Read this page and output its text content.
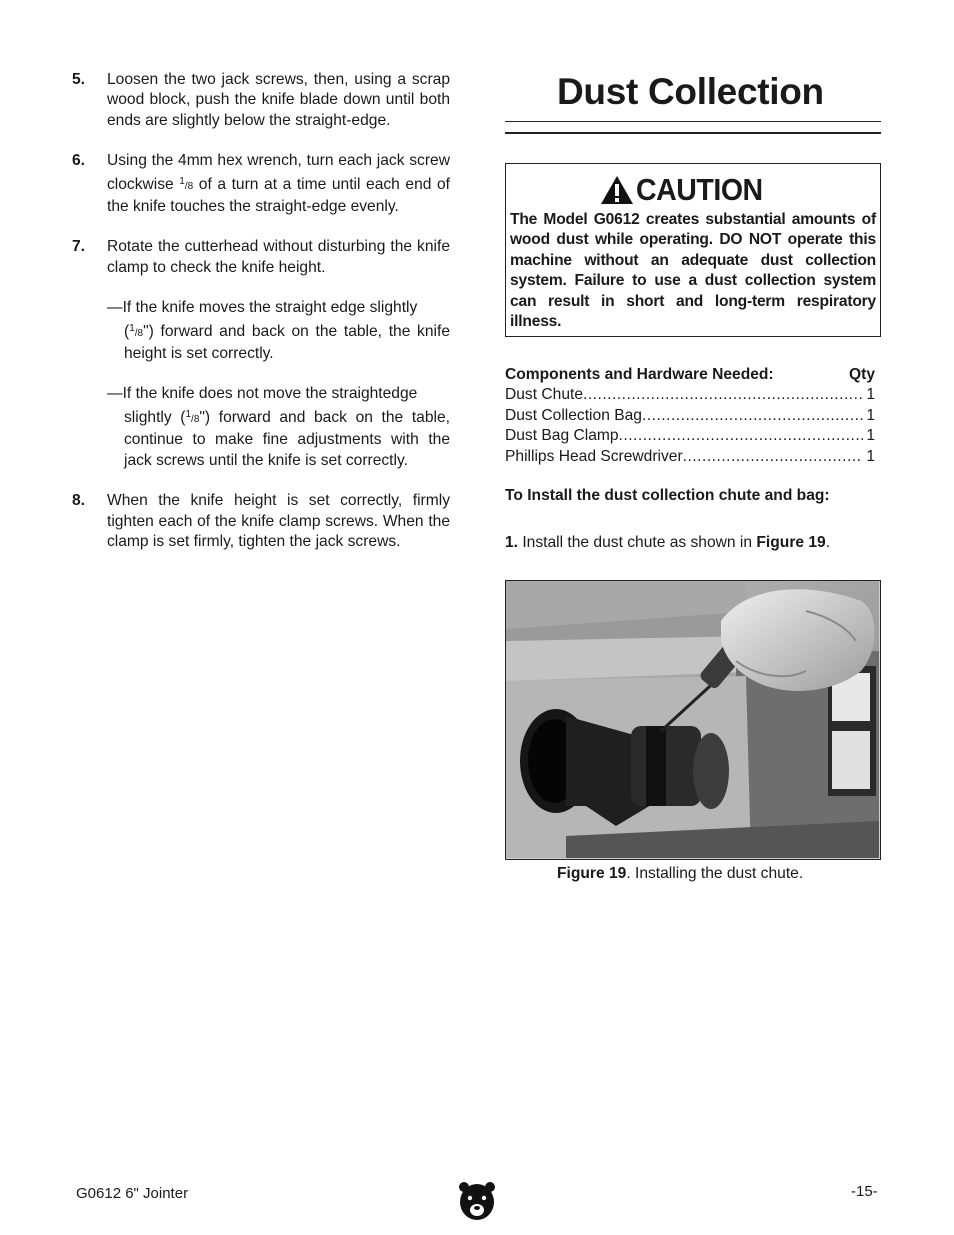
5.	Loosen the two jack screws, then, using a scrap wood block, push the knife blade down until both ends are slightly below the straight-edge.
6.	Using the 4mm hex wrench, turn each jack screw clockwise 1/8 of a turn at a time until each end of the knife touches the straight-edge evenly.
7.	Rotate the cutterhead without disturbing the knife clamp to check the knife height.
—If the knife moves the straight edge slightly
(1/8") forward and back on the table, the knife height is set correctly.
—If the knife does not move the straightedge
slightly (1/8") forward and back on the table, continue to make fine adjustments with the jack screws until the knife is set correctly.
8.	When the knife height is set correctly, firmly tighten each of the knife clamp screws. When the clamp is set firmly, tighten the jack screws.
Dust Collection
CAUTION
The Model G0612 creates substantial amounts of wood dust while operating. DO NOT operate this machine without an adequate dust collection system. Failure to use a dust collection system can result in short and long-term respiratory illness.
Components and Hardware Needed:	Qty
Dust Chute .....	1
Dust Collection Bag .....	1
Dust Bag Clamp .....	1
Phillips Head Screwdriver .....	1
To Install the dust collection chute and bag:
1. Install the dust chute as shown in Figure 19.
Figure 19. Installing the dust chute.
G0612 6" Jointer	-15-
